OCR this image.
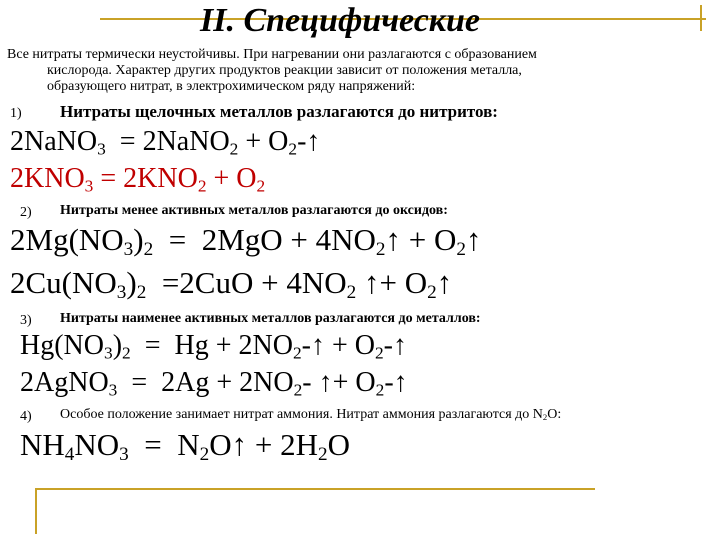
II. Специфические
Все нитраты термически неустойчивы. При нагревании они разлагаются с образованием
кислорода. Характер других продуктов реакции зависит от положения металла,
образующего нитрат, в электрохимическом ряду напряжений:
1) Нитраты щелочных металлов разлагаются до нитритов:
2NaNO$_3$  = 2NaNO$_2$ + $O_2-↑$
$2KNO_3 = 2KNO_2 + O_2$
2) Нитраты менее активных металлов разлагаются до оксидов:
$2Mg(NO_3)_2 = 2MgO$ + $4NO_2↑$ + $O_2↑$
$2Cu(NO_3)_2 =2CuO + 4NO_2$ ↑+ $O_2↑$
3) Нитраты наименее активных металлов разлагаются до металлов:
$Hg(NO_3)_2 = Hg$ + $2NO_2-↑$ + $O_2-↑$
2AgNO$_3$  =  $2Ag + 2NO_2-$ ↑+ $O_2-↑$
4) Особое положение занимает нитрат аммония. Нитрат аммония разлагаются до $N_2O$:
$NH_4NO_3$  =  $N_2O↑ + 2H_2O$
